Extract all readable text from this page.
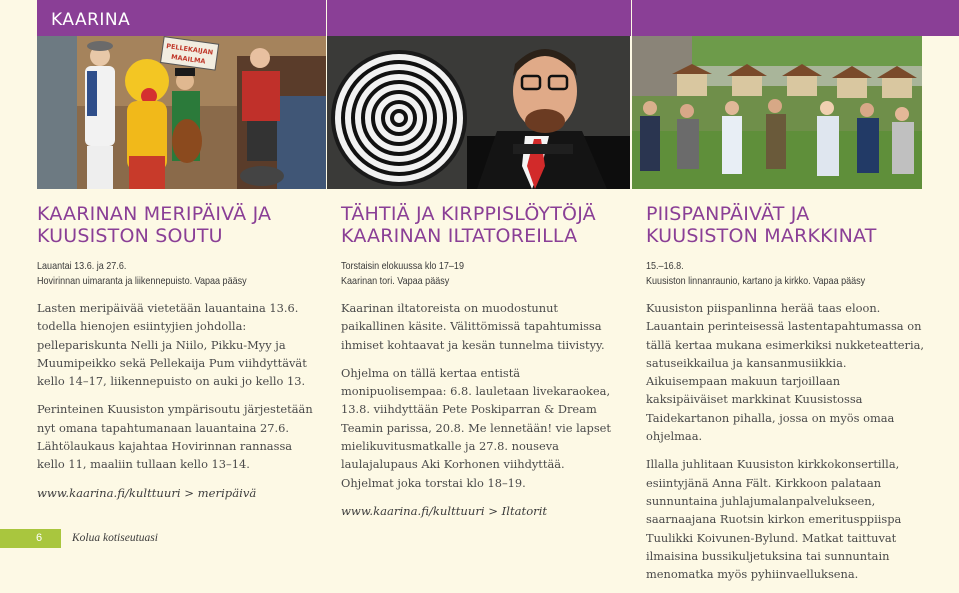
KAARINA
PELLEKAIJAN
MAAILMA
KAARINAN MERIPÄIVÄ JA KUUSISTON SOUTU
Lauantai 13.6. ja 27.6.
Hovirinnan uimaranta ja liikennepuisto. Vapaa pääsy

Lasten meripäivää vietetään lauantaina 13.6. todella hienojen esiintyjien johdolla: pellepariskunta Nelli ja Niilo, Pikku-Myy ja Muumipeikko sekä Pellekaija Pum viihdyttävät kello 14–17, liikennepuisto on auki jo kello 13.

Perinteinen Kuusiston ympärisoutu järjestetään nyt omana tapahtumanaan lauantaina 27.6. Lähtölaukaus kajahtaa Hovirinnan rannassa kello 11, maaliin tullaan kello 13–14.

www.kaarina.fi/kulttuuri > meripäivä
TÄHTIÄ JA KIRPPISLÖYTÖJÄ KAARINAN ILTATOREILLA
Torstaisin elokuussa klo 17–19
Kaarinan tori. Vapaa pääsy

Kaarinan iltatoreista on muodostunut paikallinen käsite. Välittömissä tapahtumissa ihmiset kohtaavat ja kesän tunnelma tiivistyy.

Ohjelma on tällä kertaa entistä monipuolisempaa: 6.8. lauletaan livekaraokea, 13.8. viihdyttään Pete Poskiparran & Dream Teamin parissa, 20.8. Me lennetään! vie lapset mielikuvitusmatkalle ja 27.8. nouseva laulajalupaus Aki Korhonen viihdyttää. Ohjelmat joka torstai klo 18–19.

www.kaarina.fi/kulttuuri > Iltatorit
PIISPANPÄIVÄT JA KUUSISTON MARKKINAT
15.–16.8.
Kuusiston linnanraunio, kartano ja kirkko. Vapaa pääsy

Kuusiston piispanlinna herää taas eloon. Lauantain perinteisessä lastentapahtumassa on tällä kertaa mukana esimerkiksi nukketeatteria, satuseikkailua ja kansanmusiikkia. Aikuisempaan makuun tarjoillaan kaksipäiväiset markkinat Kuusistossa Taidekartanon pihalla, jossa on myös omaa ohjelmaa.

Illalla juhlitaan Kuusiston kirkkokonsertilla, esiintyjänä Anna Fält. Kirkkoon palataan sunnuntaina juhlajumalanpalvelukseen, saarnaajana Ruotsin kirkon emeritusppiispa Tuulikki Koivunen-Bylund. Matkat taittuvat ilmaisina bussikuljetuksina tai sunnuntain menomatka myös pyhiinvaelluksena.

6	Kolua kotiseutuasi
